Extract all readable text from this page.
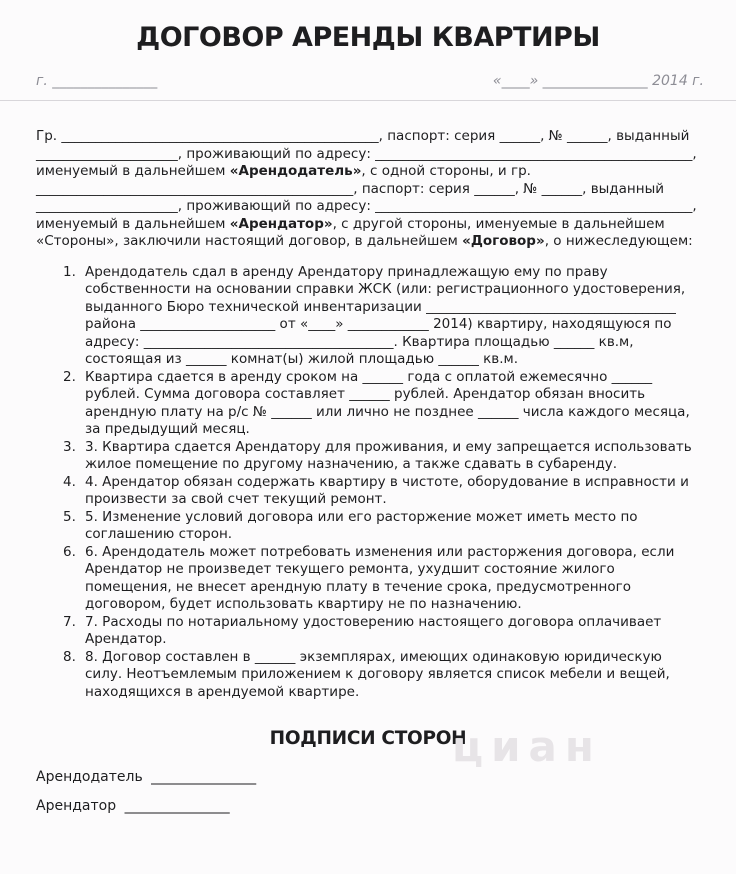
ДОГОВОР АРЕНДЫ КВАРТИРЫ
г. _______________	«____» _______________ 2014 г.

Гр. _______________________________________________, паспорт: серия ______, № ______, выданный _____________________, проживающий по адресу: _______________________________________________, именуемый в дальнейшем «Арендодатель», с одной стороны, и гр. _______________________________________________, паспорт: серия ______, № ______, выданный _____________________, проживающий по адресу: _______________________________________________, именуемый в дальнейшем «Арендатор», с другой стороны, именуемые в дальнейшем «Стороны», заключили настоящий договор, в дальнейшем «Договор», о нижеследующем:

1. Арендодатель сдал в аренду Арендатору принадлежащую ему по праву собственности на основании справки ЖСК (или: регистрационного удостоверения, выданного Бюро технической инвентаризации _____________________________________ района ____________________ от «____» ____________ 2014) квартиру, находящуюся по адресу: _____________________________________. Квартира площадью ______ кв.м, состоящая из ______ комнат(ы) жилой площадью ______ кв.м.
2. Квартира сдается в аренду сроком на ______ года с оплатой ежемесячно ______ рублей. Сумма договора составляет ______ рублей. Арендатор обязан вносить арендную плату на р/с № ______ или лично не позднее ______ числа каждого месяца, за предыдущий месяц.
3. 3. Квартира сдается Арендатору для проживания, и ему запрещается использовать жилое помещение по другому назначению, а также сдавать в субаренду.
4. 4. Арендатор обязан содержать квартиру в чистоте, оборудование в исправности и произвести за свой счет текущий ремонт.
5. 5. Изменение условий договора или его расторжение может иметь место по соглашению сторон.
6. 6. Арендодатель может потребовать изменения или расторжения договора, если Арендатор не произведет текущего ремонта, ухудшит состояние жилого помещения, не внесет арендную плату в течение срока, предусмотренного договором, будет использовать квартиру не по назначению.
7. 7. Расходы по нотариальному удостоверению настоящего договора оплачивает Арендатор.
8. 8. Договор составлен в ______ экземплярах, имеющих одинаковую юридическую силу. Неотъемлемым приложением к договору является список мебели и вещей, находящихся в арендуемой квартире.
циан
ПОДПИСИ СТОРОН
Арендодатель _______________
Арендатор _______________
